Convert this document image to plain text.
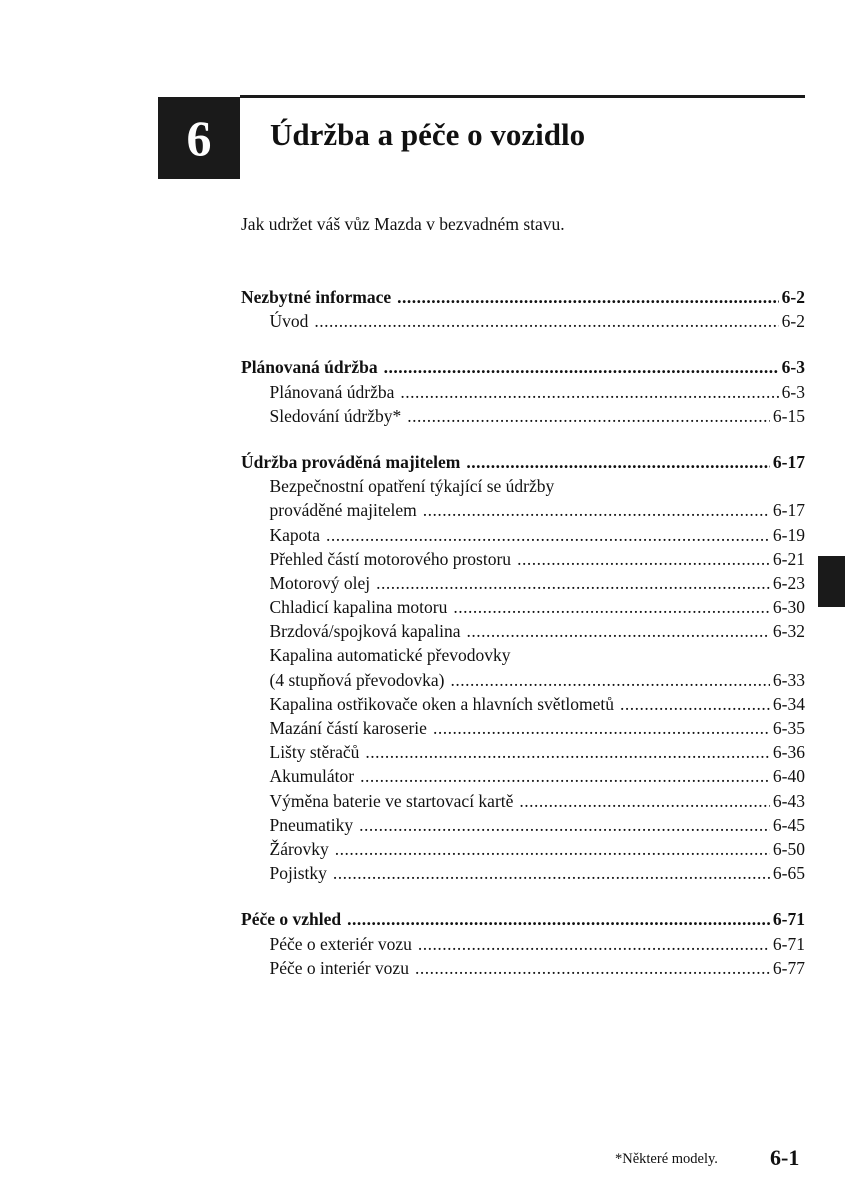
6	Údržba a péče o vozidlo
Jak udržet váš vůz Mazda v bezvadném stavu.
Nezbytné informace .....	6-2
Úvod .....	6-2
Plánovaná údržba .....	6-3
Plánovaná údržba .....	6-3
Sledování údržby* .....	6-15
Údržba prováděná majitelem .....	6-17
Bezpečnostní opatření týkající se údržby
prováděné majitelem .....	6-17
Kapota .....	6-19
Přehled částí motorového prostoru .....	6-21
Motorový olej .....	6-23
Chladicí kapalina motoru .....	6-30
Brzdová/spojková kapalina .....	6-32
Kapalina automatické převodovky
(4 stupňová převodovka) .....	6-33
Kapalina ostřikovače oken a hlavních světlometů .....	6-34
Mazání částí karoserie .....	6-35
Lišty stěračů .....	6-36
Akumulátor .....	6-40
Výměna baterie ve startovací kartě .....	6-43
Pneumatiky .....	6-45
Žárovky .....	6-50
Pojistky .....	6-65
Péče o vzhled .....	6-71
Péče o exteriér vozu .....	6-71
Péče o interiér vozu .....	6-77
*Některé modely. 6-1
